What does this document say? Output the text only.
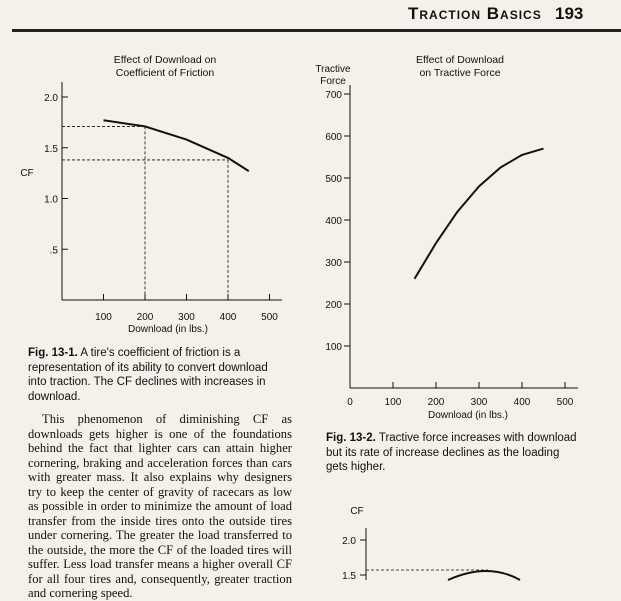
Traction Basics 193
Effect of Download on
Coefficient of Friction
100 200 300 400 500
.5
1.0
1.5
2.0
Download (in lbs.)
CF
Fig. 13-1. A tire's coefficient of friction is a representation of its ability to convert download into traction. The CF declines with increases in download.
Effect of Download
on Tractive Force
0	100	200	300	400	500
100
200
300
400
500
600
700
Download (in lbs.)
Tractive
Force
Fig. 13-2. Tractive force increases with download but its rate of increase declines as the loading gets higher.
CF
2.0
1.5
This phenomenon of diminishing CF as downloads gets higher is one of the foundations behind the fact that lighter cars can attain higher cornering, braking and acceleration forces than cars with greater mass. It also explains why designers try to keep the center of gravity of racecars as low as possible in order to minimize the amount of load transfer from the inside tires onto the outside tires under cornering. The greater the load transferred to the outside, the more the CF of the loaded tires will suffer. Less load transfer means a higher overall CF for all four tires and, consequently, greater traction and cornering speed.
